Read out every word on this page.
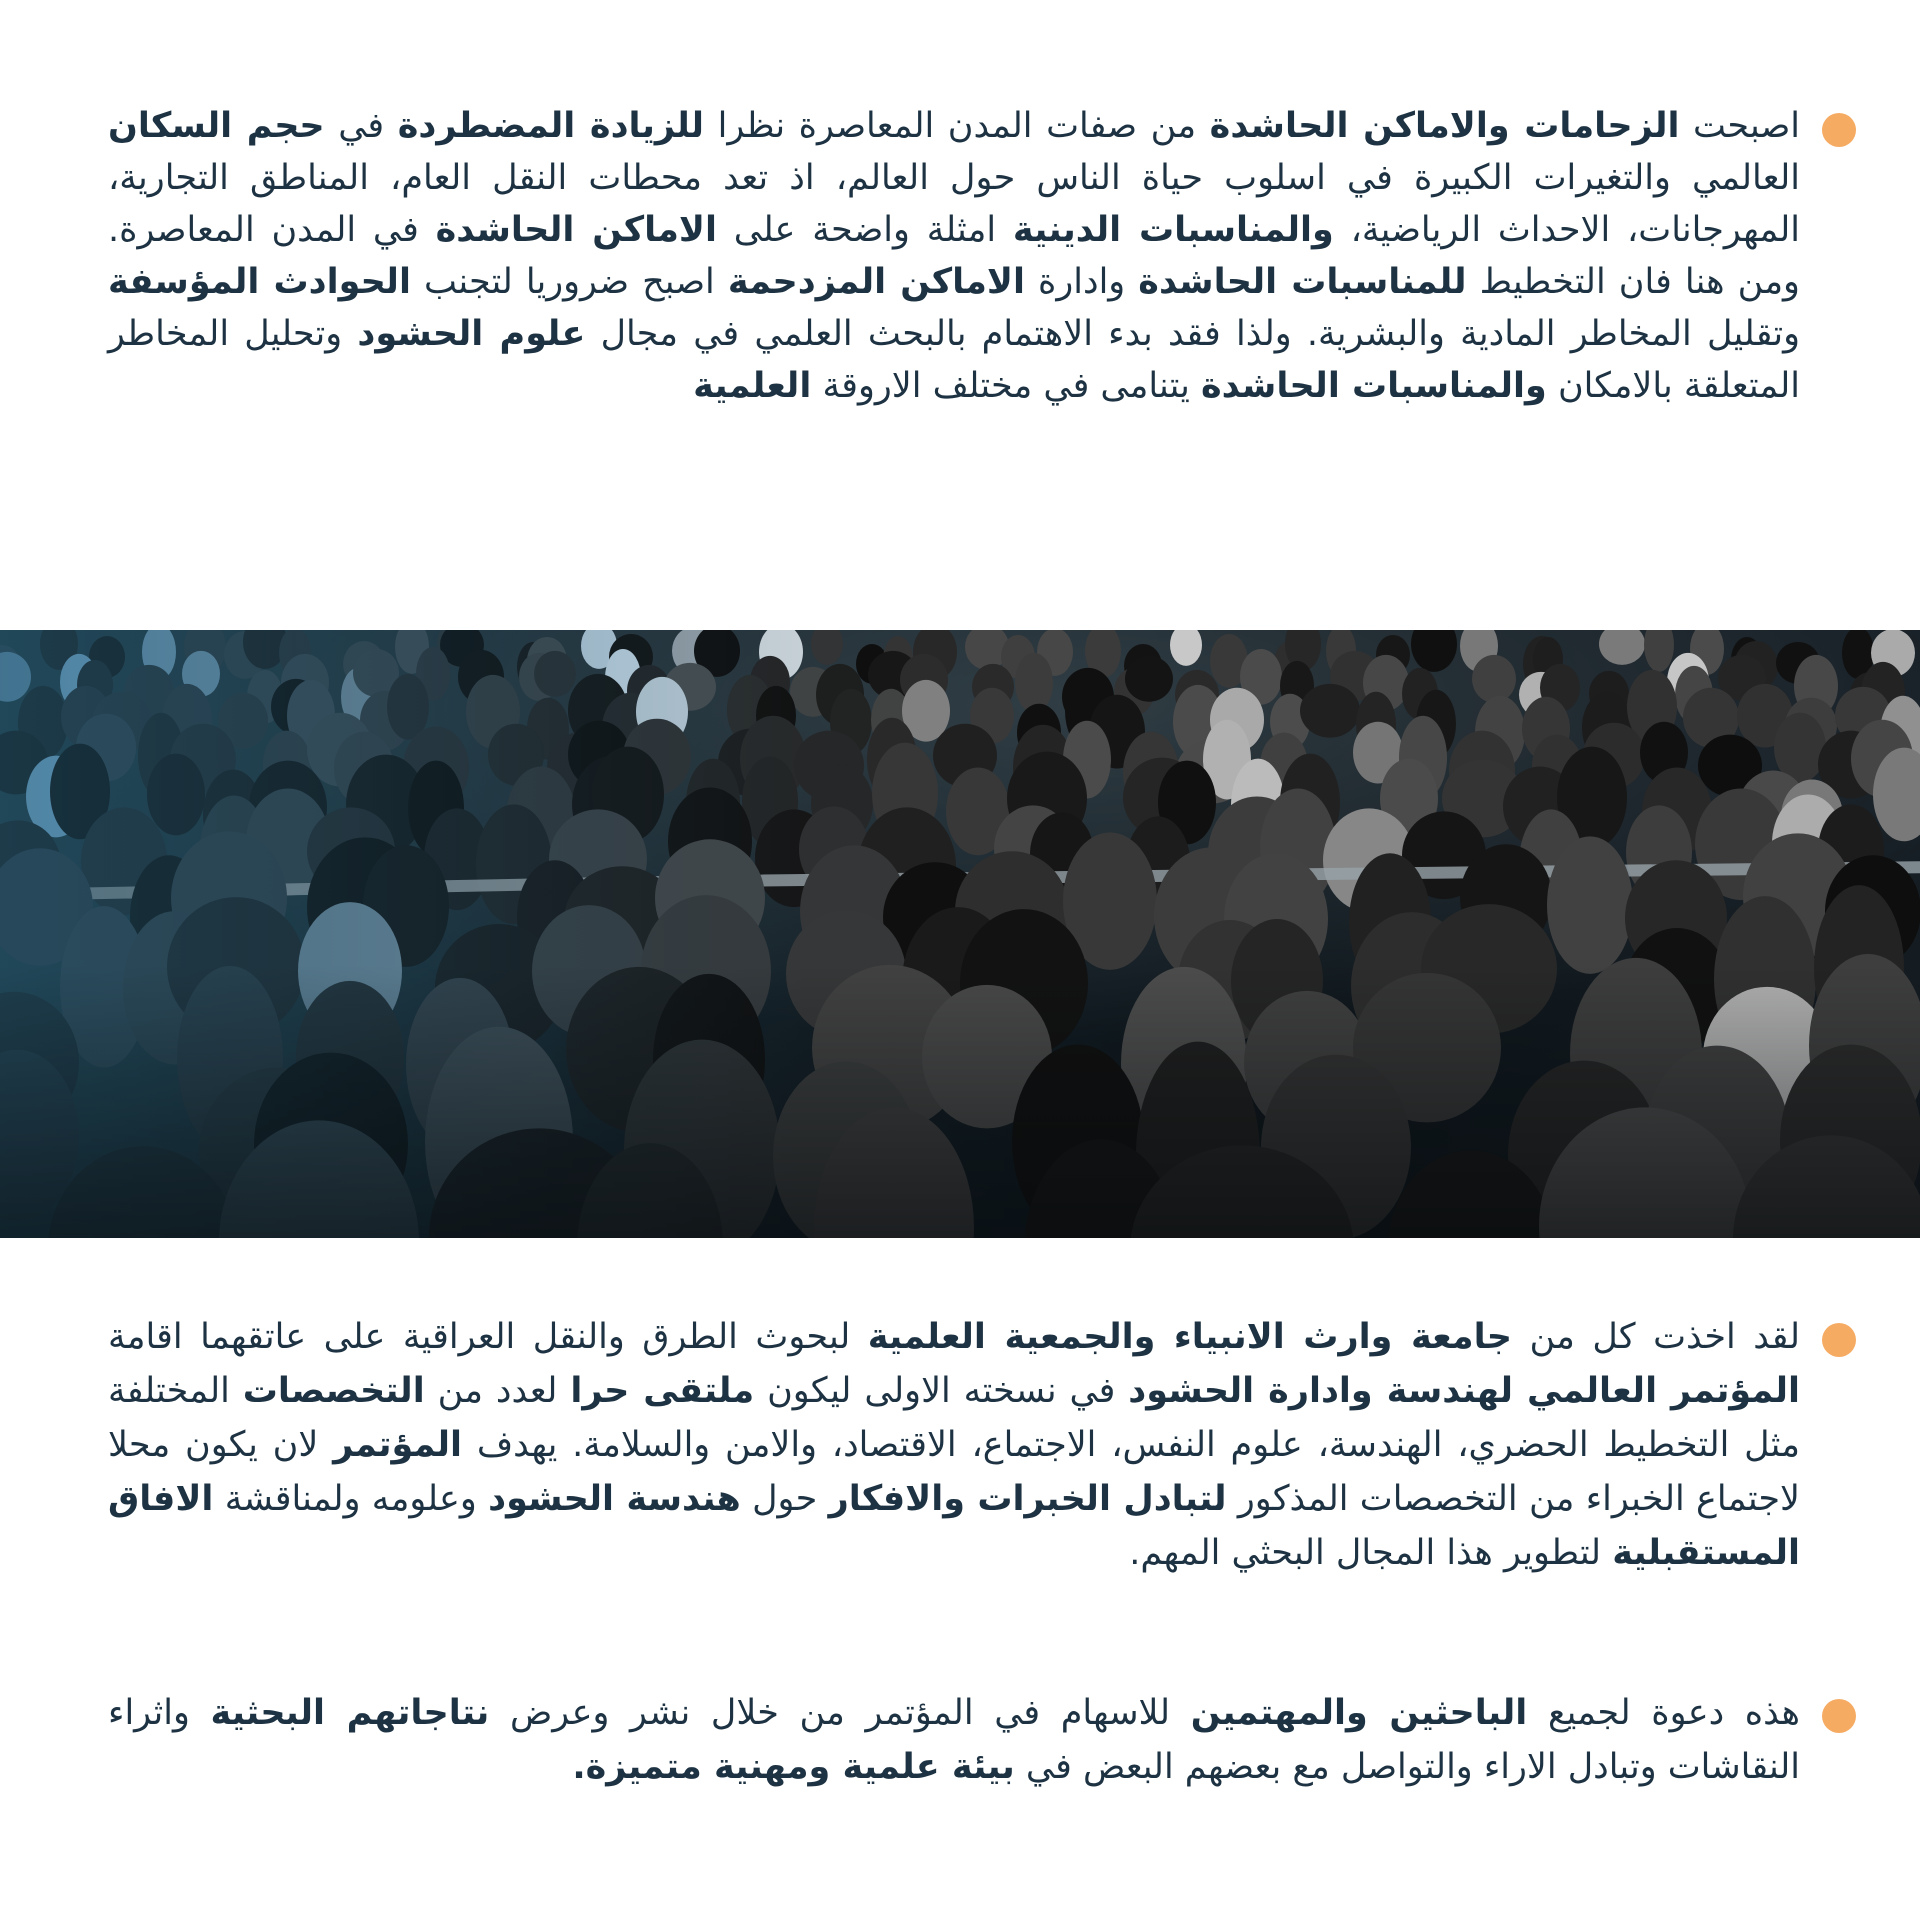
اصبحت الزحامات والاماكن الحاشدة من صفات المدن المعاصرة نظرا للزيادة المضطردة في حجم السكان العالمي والتغيرات الكبيرة في اسلوب حياة الناس حول العالم، اذ تعد محطات النقل العام، المناطق التجارية، المهرجانات، الاحداث الرياضية، والمناسبات الدينية امثلة واضحة على الاماكن الحاشدة في المدن المعاصرة. ومن هنا فان التخطيط للمناسبات الحاشدة وادارة الاماكن المزدحمة اصبح ضروريا لتجنب الحوادث المؤسفة وتقليل المخاطر المادية والبشرية. ولذا فقد بدء الاهتمام بالبحث العلمي في مجال علوم الحشود وتحليل المخاطر المتعلقة بالامكان والمناسبات الحاشدة يتنامى في مختلف الاروقة العلمية
لقد اخذت كل من جامعة وارث الانبياء والجمعية العلمية لبحوث الطرق والنقل العراقية على عاتقهما اقامة المؤتمر العالمي لهندسة وادارة الحشود في نسخته الاولى ليكون ملتقى حرا لعدد من التخصصات المختلفة مثل التخطيط الحضري، الهندسة، علوم النفس، الاجتماع، الاقتصاد، والامن والسلامة. يهدف المؤتمر لان يكون محلا لاجتماع الخبراء من التخصصات المذكور لتبادل الخبرات والافكار حول هندسة الحشود وعلومه ولمناقشة الافاق المستقبلية لتطوير هذا المجال البحثي المهم.
هذه دعوة لجميع الباحثين والمهتمين للاسهام في المؤتمر من خلال نشر وعرض نتاجاتهم البحثية واثراء النقاشات وتبادل الاراء والتواصل مع بعضهم البعض في بيئة علمية ومهنية متميزة.
